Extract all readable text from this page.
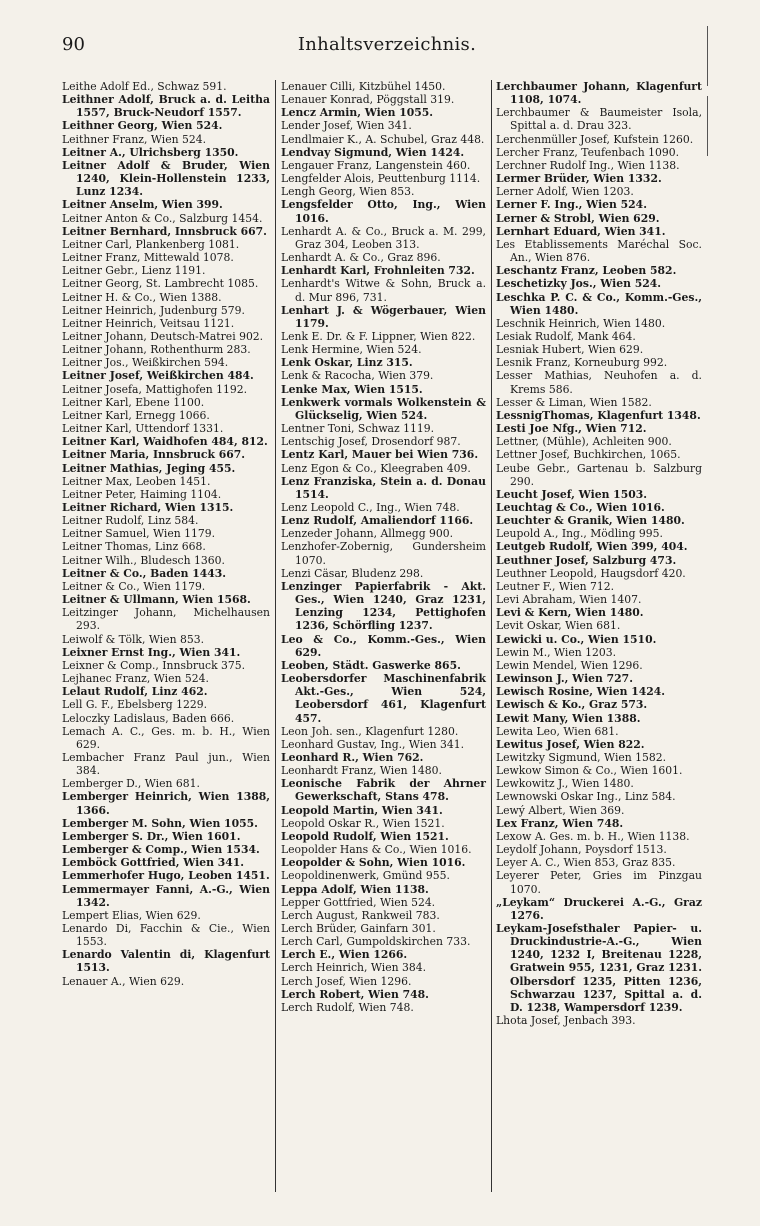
90	Inhaltsverzeichnis.

Leithe Adolf Ed., Schwaz 591.

Leithner Adolf, Bruck a. d. Leitha 1557, Bruck-Neudorf 1557.

Leithner Georg, Wien 524.

Leithner Franz, Wien 524.

Leitner A., Ulrichsberg 1350.

Leitner Adolf & Bruder, Wien 1240, Klein-Hollenstein 1233, Lunz 1234.

Leitner Anselm, Wien 399.

Leitner Anton & Co., Salzburg 1454.

Leitner Bernhard, Innsbruck 667.

Leitner Carl, Plankenberg 1081.

Leitner Franz, Mittewald 1078.

Leitner Gebr., Lienz 1191.

Leitner Georg, St. Lambrecht 1085.

Leitner H. & Co., Wien 1388.

Leitner Heinrich, Judenburg 579.

Leitner Heinrich, Veitsau 1121.

Leitner Johann, Deutsch-Matrei 902.

Leitner Johann, Rothenthurm 283.

Leitner Jos., Weißkirchen 594.

Leitner Josef, Weißkirchen 484.

Leitner Josefa, Mattighofen 1192.

Leitner Karl, Ebene 1100.

Leitner Karl, Ernegg 1066.

Leitner Karl, Uttendorf 1331.

Leitner Karl, Waidhofen 484, 812.

Leitner Maria, Innsbruck 667.

Leitner Mathias, Jeging 455.

Leitner Max, Leoben 1451.

Leitner Peter, Haiming 1104.

Leitner Richard, Wien 1315.

Leitner Rudolf, Linz 584.

Leitner Samuel, Wien 1179.

Leitner Thomas, Linz 668.

Leitner Wilh., Bludesch 1360.

Leitner & Co., Baden 1443.

Leitner & Co., Wien 1179.

Leitner & Ullmann, Wien 1568.

Leitzinger Johann, Michelhausen 293.

Leiwolf & Tölk, Wien 853.

Leixner Ernst Ing., Wien 341.

Leixner & Comp., Innsbruck 375.

Lejhanec Franz, Wien 524.

Lelaut Rudolf, Linz 462.

Lell G. F., Ebelsberg 1229.

Leloczky Ladislaus, Baden 666.

Lemach A. C., Ges. m. b. H., Wien 629.

Lembacher Franz Paul jun., Wien 384.

Lemberger D., Wien 681.

Lemberger Heinrich, Wien 1388, 1366.

Lemberger M. Sohn, Wien 1055.

Lemberger S. Dr., Wien 1601.

Lemberger & Comp., Wien 1534.

Lemböck Gottfried, Wien 341.

Lemmerhofer Hugo, Leoben 1451.

Lemmermayer Fanni, A.-G., Wien 1342.

Lempert Elias, Wien 629.

Lenardo Di, Facchin & Cie., Wien 1553.

Lenardo Valentin di, Klagenfurt 1513.

Lenauer A., Wien 629.

Lenauer Cilli, Kitzbühel 1450.

Lenauer Konrad, Pöggstall 319.

Lencz Armin, Wien 1055.

Lender Josef, Wien 341.

Lendlmaier K., A. Schubel, Graz 448.

Lendvay Sigmund, Wien 1424.

Lengauer Franz, Langenstein 460.

Lengfelder Alois, Peuttenburg 1114.

Lengh Georg, Wien 853.

Lengsfelder Otto, Ing., Wien 1016.

Lenhardt A. & Co., Bruck a. M. 299, Graz 304, Leoben 313.

Lenhardt A. & Co., Graz 896.

Lenhardt Karl, Frohnleiten 732.

Lenhardt's Witwe & Sohn, Bruck a. d. Mur 896, 731.

Lenhart J. & Wögerbauer, Wien 1179.

Lenk E. Dr. & F. Lippner, Wien 822.

Lenk Hermine, Wien 524.

Lenk Oskar, Linz 315.

Lenk & Racocha, Wien 379.

Lenke Max, Wien 1515.

Lenkwerk vormals Wolkenstein & Glückselig, Wien 524.

Lentner Toni, Schwaz 1119.

Lentschig Josef, Drosendorf 987.

Lentz Karl, Mauer bei Wien 736.

Lenz Egon & Co., Kleegraben 409.

Lenz Franziska, Stein a. d. Donau 1514.

Lenz Leopold C., Ing., Wien 748.

Lenz Rudolf, Amaliendorf 1166.

Lenzeder Johann, Allmegg 900.

Lenzhofer-Zobernig, Gundersheim 1070.

Lenzi Cäsar, Bludenz 298.

Lenzinger Papierfabrik - Akt. Ges., Wien 1240, Graz 1231, Lenzing 1234, Pettighofen 1236, Schörfling 1237.

Leo & Co., Komm.-Ges., Wien 629.

Leoben, Städt. Gaswerke 865.

Leobersdorfer Maschinenfabrik Akt.-Ges., Wien 524, Leobersdorf 461, Klagenfurt 457.

Leon Joh. sen., Klagenfurt 1280.

Leonhard Gustav, Ing., Wien 341.

Leonhard R., Wien 762.

Leonhardt Franz, Wien 1480.

Leonische Fabrik der Ahrner Gewerkschaft, Stans 478.

Leopold Martin, Wien 341.

Leopold Oskar R., Wien 1521.

Leopold Rudolf, Wien 1521.

Leopolder Hans & Co., Wien 1016.

Leopolder & Sohn, Wien 1016.

Leopoldinenwerk, Gmünd 955.

Leppa Adolf, Wien 1138.

Lepper Gottfried, Wien 524.

Lerch August, Rankweil 783.

Lerch Brüder, Gainfarn 301.

Lerch Carl, Gumpoldskirchen 733.

Lerch E., Wien 1266.

Lerch Heinrich, Wien 384.

Lerch Josef, Wien 1296.

Lerch Robert, Wien 748.

Lerch Rudolf, Wien 748.

Lerchbaumer Johann, Klagenfurt 1108, 1074.

Lerchbaumer & Baumeister Isola, Spittal a. d. Drau 323.

Lerchenmüller Josef, Kufstein 1260.

Lercher Franz, Teufenbach 1090.

Lerchner Rudolf Ing., Wien 1138.

Lermer Brüder, Wien 1332.

Lerner Adolf, Wien 1203.

Lerner F. Ing., Wien 524.

Lerner & Strobl, Wien 629.

Lernhart Eduard, Wien 341.

Les Etablissements Maréchal Soc. An., Wien 876.

Leschantz Franz, Leoben 582.

Leschetizky Jos., Wien 524.

Leschka P. C. & Co., Komm.-Ges., Wien 1480.

Leschnik Heinrich, Wien 1480.

Lesiak Rudolf, Mank 464.

Lesniak Hubert, Wien 629.

Lesnik Franz, Korneuburg 992.

Lesser Mathias, Neuhofen a. d. Krems 586.

Lesser & Liman, Wien 1582.

LessnigThomas, Klagenfurt 1348.

Lesti Joe Nfg., Wien 712.

Lettner, (Mühle), Achleiten 900.

Lettner Josef, Buchkirchen, 1065.

Leube Gebr., Gartenau b. Salzburg 290.

Leucht Josef, Wien 1503.

Leuchtag & Co., Wien 1016.

Leuchter & Granik, Wien 1480.

Leupold A., Ing., Mödling 995.

Leutgeb Rudolf, Wien 399, 404.

Leuthner Josef, Salzburg 473.

Leuthner Leopold, Haugsdorf 420.

Leutner F., Wien 712.

Levi Abraham, Wien 1407.

Levi & Kern, Wien 1480.

Levit Oskar, Wien 681.

Lewicki u. Co., Wien 1510.

Lewin M., Wien 1203.

Lewin Mendel, Wien 1296.

Lewinson J., Wien 727.

Lewisch Rosine, Wien 1424.

Lewisch & Ko., Graz 573.

Lewit Many, Wien 1388.

Lewita Leo, Wien 681.

Lewitus Josef, Wien 822.

Lewitzky Sigmund, Wien 1582.

Lewkow Simon & Co., Wien 1601.

Lewkowitz J., Wien 1480.

Lewnowski Oskar Ing., Linz 584.

Lewý Albert, Wien 369.

Lex Franz, Wien 748.

Lexow A. Ges. m. b. H., Wien 1138.

Leydolf Johann, Poysdorf 1513.

Leyer A. C., Wien 853, Graz 835.

Leyerer Peter, Gries im Pinzgau 1070.

„Leykam“ Druckerei A.-G., Graz 1276.

Leykam-Josefsthaler Papier- u. Druckindustrie-A.-G., Wien 1240, 1232 I, Breitenau 1228, Gratwein 955, 1231, Graz 1231. Olbersdorf 1235, Pitten 1236, Schwarzau 1237, Spittal a. d. D. 1238, Wampersdorf 1239.

Lhota Josef, Jenbach 393.
